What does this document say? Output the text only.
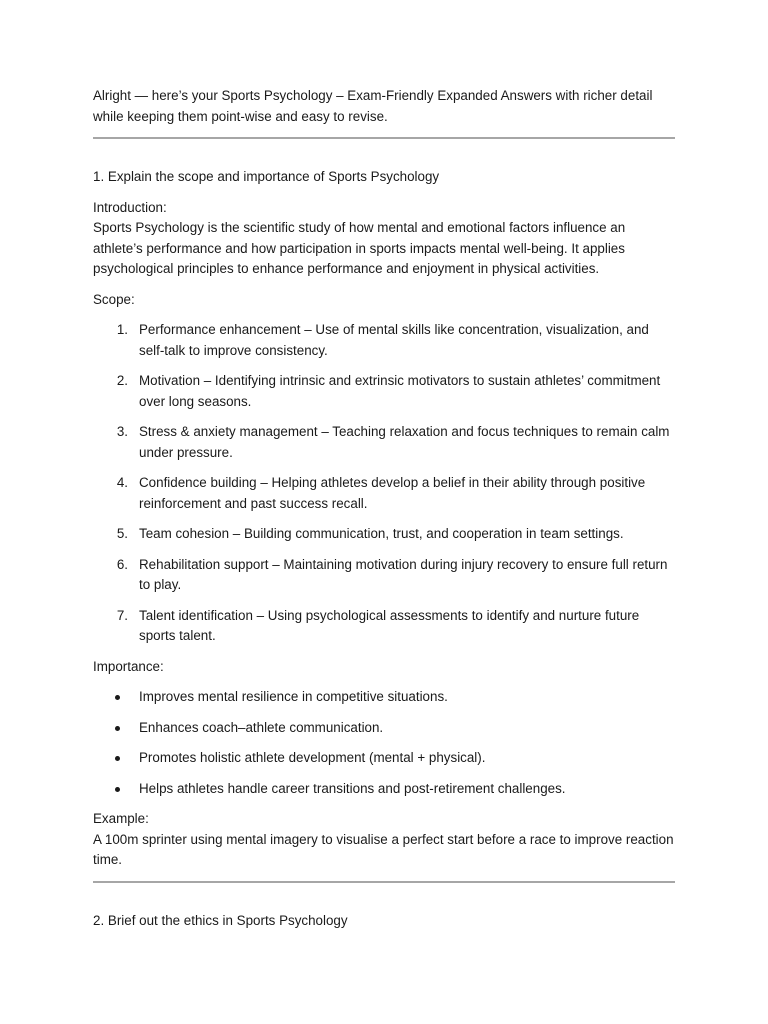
Alright — here’s your Sports Psychology – Exam-Friendly Expanded Answers with richer detail while keeping them point-wise and easy to revise.

1. Explain the scope and importance of Sports Psychology

Introduction:
Sports Psychology is the scientific study of how mental and emotional factors influence an athlete’s performance and how participation in sports impacts mental well-being. It applies psychological principles to enhance performance and enjoyment in physical activities.

Scope:

1. Performance enhancement – Use of mental skills like concentration, visualization, and self-talk to improve consistency.
2. Motivation – Identifying intrinsic and extrinsic motivators to sustain athletes’ commitment over long seasons.
3. Stress & anxiety management – Teaching relaxation and focus techniques to remain calm under pressure.
4. Confidence building – Helping athletes develop a belief in their ability through positive reinforcement and past success recall.
5. Team cohesion – Building communication, trust, and cooperation in team settings.
6. Rehabilitation support – Maintaining motivation during injury recovery to ensure full return to play.
7. Talent identification – Using psychological assessments to identify and nurture future sports talent.

Importance:

Improves mental resilience in competitive situations.
Enhances coach–athlete communication.
Promotes holistic athlete development (mental + physical).
Helps athletes handle career transitions and post-retirement challenges.
Example:
A 100m sprinter using mental imagery to visualise a perfect start before a race to improve reaction time.

2. Brief out the ethics in Sports Psychology
